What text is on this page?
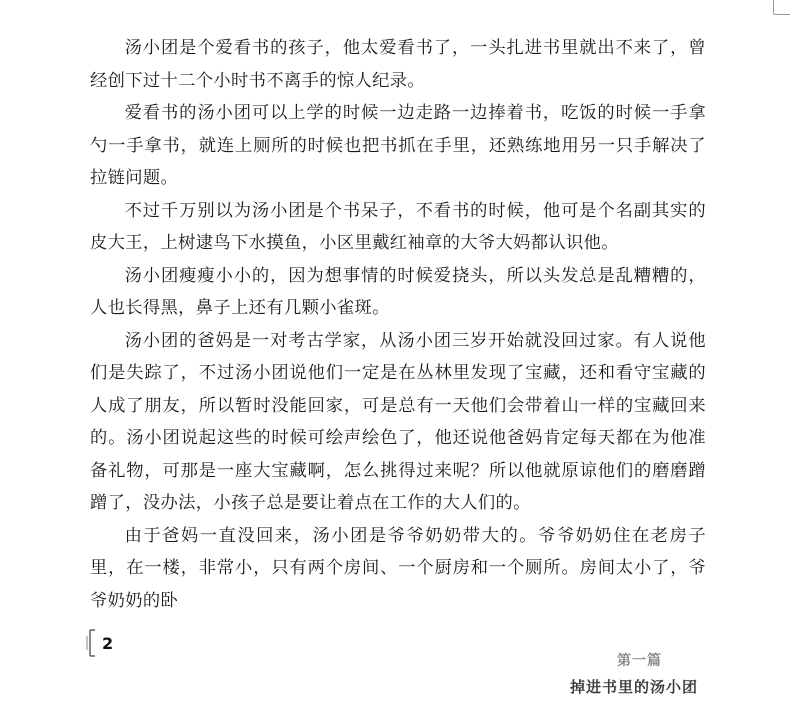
汤小团是个爱看书的孩子，他太爱看书了，一头扎进书里就出不来了，曾经创下过十二个小时书不离手的惊人纪录。

爱看书的汤小团可以上学的时候一边走路一边捧着书，吃饭的时候一手拿勺一手拿书，就连上厕所的时候也把书抓在手里，还熟练地用另一只手解决了拉链问题。

不过千万别以为汤小团是个书呆子，不看书的时候，他可是个名副其实的皮大王，上树逮鸟下水摸鱼，小区里戴红袖章的大爷大妈都认识他。

汤小团瘦瘦小小的，因为想事情的时候爱挠头，所以头发总是乱糟糟的，人也长得黑，鼻子上还有几颗小雀斑。

汤小团的爸妈是一对考古学家，从汤小团三岁开始就没回过家。有人说他们是失踪了，不过汤小团说他们一定是在丛林里发现了宝藏，还和看守宝藏的人成了朋友，所以暂时没能回家，可是总有一天他们会带着山一样的宝藏回来的。汤小团说起这些的时候可绘声绘色了，他还说他爸妈肯定每天都在为他准备礼物，可那是一座大宝藏啊，怎么挑得过来呢？所以他就原谅他们的磨磨蹭蹭了，没办法，小孩子总是要让着点在工作的大人们的。

由于爸妈一直没回来，汤小团是爷爷奶奶带大的。爷爷奶奶住在老房子里，在一楼，非常小，只有两个房间、一个厨房和一个厕所。房间太小了，爷爷奶奶的卧

2
第一篇
掉进书里的汤小团
